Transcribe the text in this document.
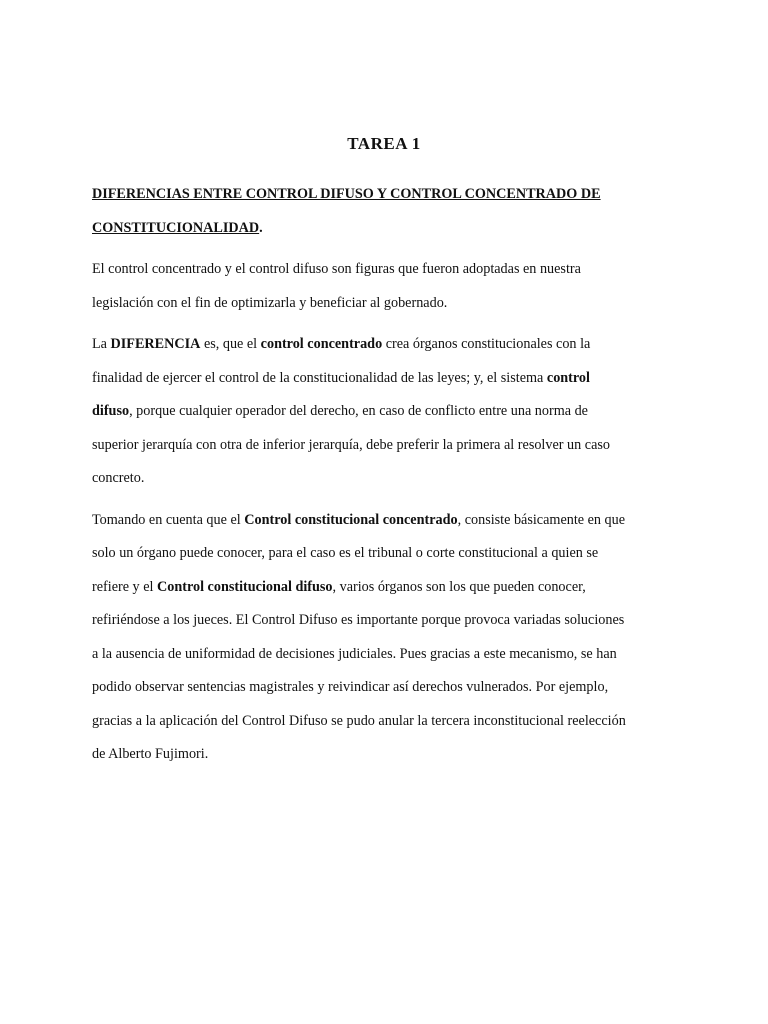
TAREA 1
DIFERENCIAS ENTRE CONTROL DIFUSO Y CONTROL CONCENTRADO DE
CONSTITUCIONALIDAD.

El control concentrado y el control difuso son figuras que fueron adoptadas en nuestra
legislación con el fin de optimizarla y beneficiar al gobernado.

La DIFERENCIA es, que el control concentrado crea órganos constitucionales con la
finalidad de ejercer el control de la constitucionalidad de las leyes; y, el sistema control
difuso, porque cualquier operador del derecho, en caso de conflicto entre una norma de
superior jerarquía con otra de inferior jerarquía, debe preferir la primera al resolver un caso
concreto.

Tomando en cuenta que el Control constitucional concentrado, consiste básicamente en que
solo un órgano puede conocer, para el caso es el tribunal o corte constitucional a quien se
refiere y el Control constitucional difuso, varios órganos son los que pueden conocer,
refiriéndose a los jueces. El Control Difuso es importante porque provoca variadas soluciones
a la ausencia de uniformidad de decisiones judiciales. Pues gracias a este mecanismo, se han
podido observar sentencias magistrales y reivindicar así derechos vulnerados. Por ejemplo,
gracias a la aplicación del Control Difuso se pudo anular la tercera inconstitucional reelección
de Alberto Fujimori.
